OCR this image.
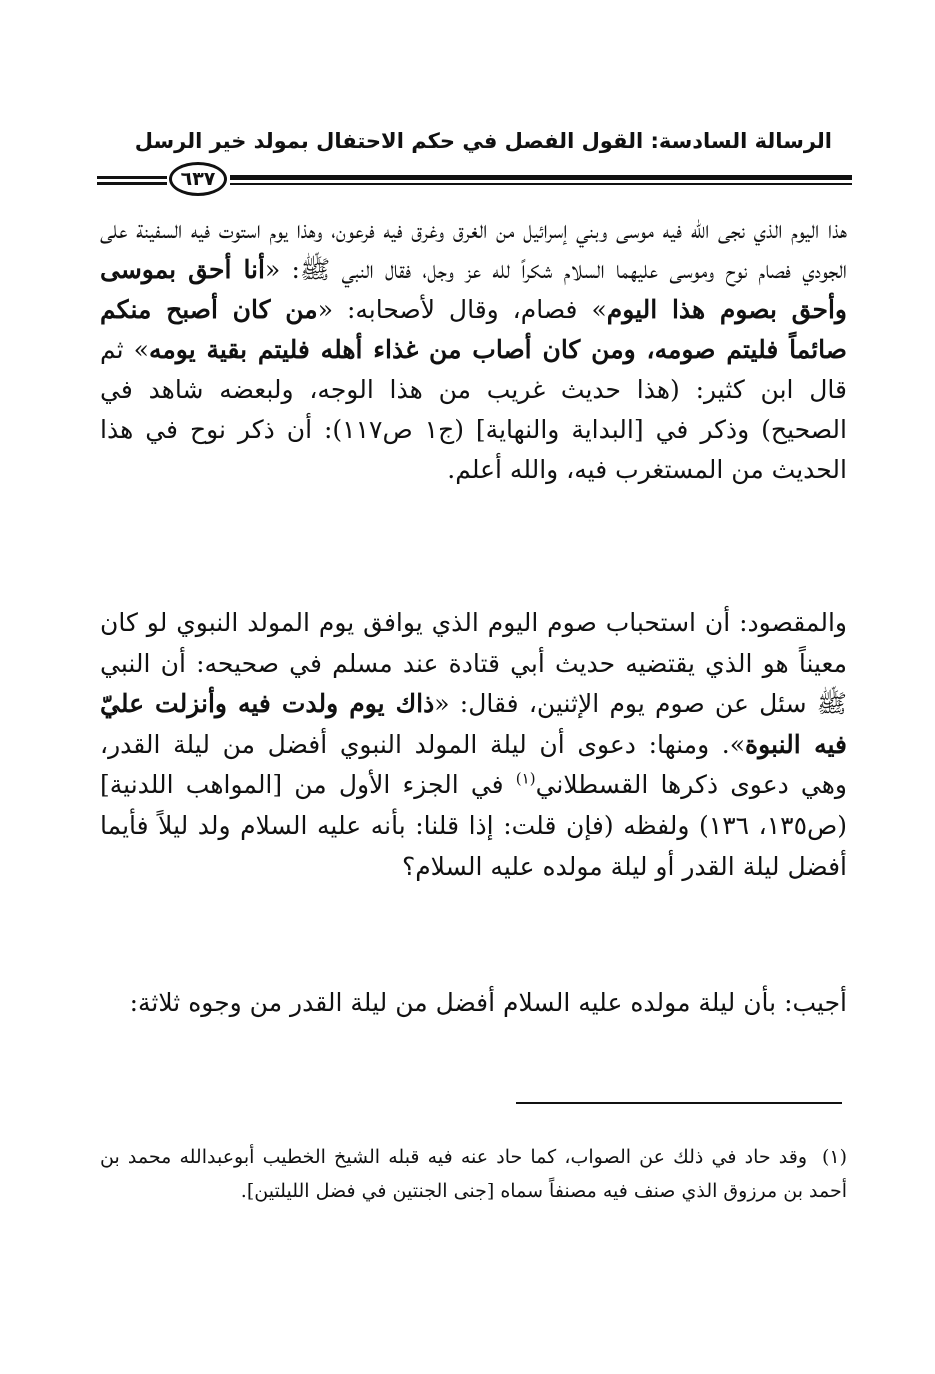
الرسالة السادسة: القول الفصل في حكم الاحتفال بمولد خير الرسل
٦٣٧

هذا اليوم الذي نجى الله فيه موسى وبني إسرائيل من الغرق وغرق فيه فرعون، وهذا يوم استوت فيه السفينة على الجودي فصام نوح وموسى عليهما السلام شكراً لله عز وجل، فقال النبي ﷺ: «أنا أحق بموسى وأحق بصوم هذا اليوم» فصام، وقال لأصحابه: «من كان أصبح منكم صائماً فليتم صومه، ومن كان أصاب من غذاء أهله فليتم بقية يومه» ثم قال ابن كثير: (هذا حديث غريب من هذا الوجه، ولبعضه شاهد في الصحيح) وذكر في [البداية والنهاية] (ج١ ص١١٧): أن ذكر نوح في هذا الحديث من المستغرب فيه، والله أعلم.

والمقصود: أن استحباب صوم اليوم الذي يوافق يوم المولد النبوي لو كان معيناً هو الذي يقتضيه حديث أبي قتادة عند مسلم في صحيحه: أن النبي ﷺ سئل عن صوم يوم الإثنين، فقال: «ذاك يوم ولدت فيه وأنزلت عليّ فيه النبوة». ومنها: دعوى أن ليلة المولد النبوي أفضل من ليلة القدر، وهي دعوى ذكرها القسطلاني$^{(١)}$ في الجزء الأول من [المواهب اللدنية] (ص١٣٥، ١٣٦) ولفظه (فإن قلت: إذا قلنا: بأنه عليه السلام ولد ليلاً فأيما أفضل ليلة القدر أو ليلة مولده عليه السلام؟

أجيب: بأن ليلة مولده عليه السلام أفضل من ليلة القدر من وجوه ثلاثة:

(١)وقد حاد في ذلك عن الصواب، كما حاد عنه فيه قبله الشيخ الخطيب أبوعبدالله محمد بن أحمد بن مرزوق الذي صنف فيه مصنفاً سماه [جنى الجنتين في فضل الليلتين].
